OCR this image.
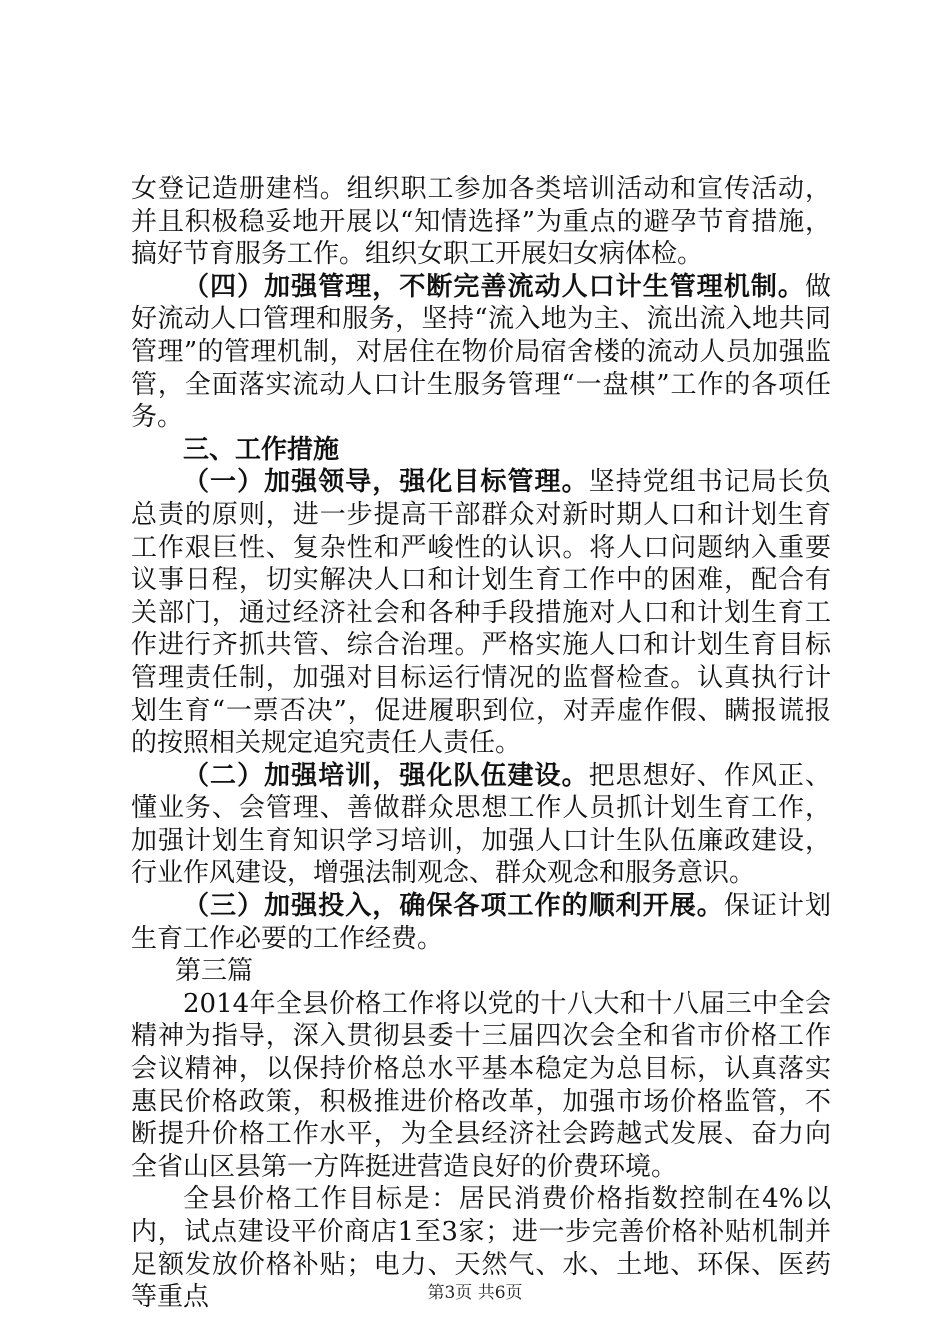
女登记造册建档。组织职工参加各类培训活动和宣传活动，并且积极稳妥地开展以“知情选择”为重点的避孕节育措施，搞好节育服务工作。组织女职工开展妇女病体检。

（四）加强管理，不断完善流动人口计生管理机制。做好流动人口管理和服务，坚持“流入地为主、流出流入地共同管理”的管理机制，对居住在物价局宿舍楼的流动人员加强监管，全面落实流动人口计生服务管理“一盘棋”工作的各项任务。

三、工作措施

（一）加强领导，强化目标管理。坚持党组书记局长负总责的原则，进一步提高干部群众对新时期人口和计划生育工作艰巨性、复杂性和严峻性的认识。将人口问题纳入重要议事日程，切实解决人口和计划生育工作中的困难，配合有关部门，通过经济社会和各种手段措施对人口和计划生育工作进行齐抓共管、综合治理。严格实施人口和计划生育目标管理责任制，加强对目标运行情况的监督检查。认真执行计划生育“一票否决”，促进履职到位，对弄虚作假、瞒报谎报的按照相关规定追究责任人责任。

（二）加强培训，强化队伍建设。把思想好、作风正、懂业务、会管理、善做群众思想工作人员抓计划生育工作，加强计划生育知识学习培训，加强人口计生队伍廉政建设，行业作风建设，增强法制观念、群众观念和服务意识。

（三）加强投入，确保各项工作的顺利开展。保证计划生育工作必要的工作经费。

第三篇

2014年全县价格工作将以党的十八大和十八届三中全会精神为指导，深入贯彻县委十三届四次会全和省市价格工作会议精神，以保持价格总水平基本稳定为总目标，认真落实惠民价格政策，积极推进价格改革，加强市场价格监管，不断提升价格工作水平，为全县经济社会跨越式发展、奋力向全省山区县第一方阵挺进营造良好的价费环境。

全县价格工作目标是：居民消费价格指数控制在4%以内，试点建设平价商店1至3家；进一步完善价格补贴机制并足额发放价格补贴；电力、天然气、水、土地、环保、医药等重点	第3页 共6页
